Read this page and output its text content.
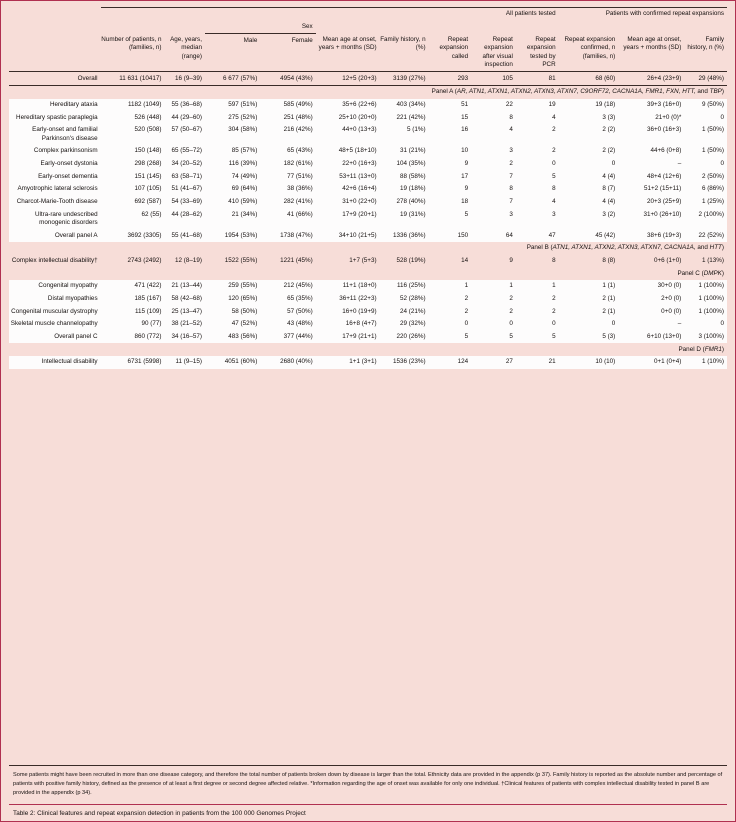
	All patients tested									Patients with confirmed repeat expansions		
			Sex									
	Number of patients, n (families, n)	Age, years, median (range)	Male	Female	Mean age at onset, years + months (SD)	Family history, n (%)	Repeat expansion called	Repeat expansion after visual inspection	Repeat expansion tested by PCR	Repeat expansion confirmed, n (families, n)	Mean age at onset, years + months (SD)	Family history, n (%)
Overall	11 631 (10417)	16 (9–39)	6 677 (57%)	4954 (43%)	12+5 (20+3)	3139 (27%)	293	105	81	68 (60)	26+4 (23+9)	29 (48%)
Panel A (AR, ATN1, ATXN1, ATXN2, ATXN3, ATXN7, C9ORF72, CACNA1A, FMR1, FXN, HTT, and TBP)												
Hereditary ataxia	1182 (1049)	55 (36–68)	597 (51%)	585 (49%)	35+6 (22+6)	403 (34%)	51	22	19	19 (18)	39+3 (16+0)	9 (50%)
Hereditary spastic paraplegia	526 (448)	44 (29–60)	275 (52%)	251 (48%)	25+10 (20+0)	221 (42%)	15	8	4	3 (3)	21+0 (0)*	0
Early-onset and familial Parkinson's disease	520 (508)	57 (50–67)	304 (58%)	216 (42%)	44+0 (13+3)	5 (1%)	16	4	2	2 (2)	36+0 (16+3)	1 (50%)
Complex parkinsonism	150 (148)	65 (55–72)	85 (57%)	65 (43%)	48+5 (18+10)	31 (21%)	10	3	2	2 (2)	44+6 (0+8)	1 (50%)
Early-onset dystonia	298 (268)	34 (20–52)	116 (39%)	182 (61%)	22+0 (16+3)	104 (35%)	9	2	0	0	–	0
Early-onset dementia	151 (145)	63 (58–71)	74 (49%)	77 (51%)	53+11 (13+0)	88 (58%)	17	7	5	4 (4)	48+4 (12+6)	2 (50%)
Amyotrophic lateral sclerosis	107 (105)	51 (41–67)	69 (64%)	38 (36%)	42+6 (16+4)	19 (18%)	9	8	8	8 (7)	51+2 (15+11)	6 (86%)
Charcot-Marie-Tooth disease	692 (587)	54 (33–69)	410 (59%)	282 (41%)	31+0 (22+0)	278 (40%)	18	7	4	4 (4)	20+3 (25+9)	1 (25%)
Ultra-rare undescribed monogenic disorders	62 (55)	44 (28–62)	21 (34%)	41 (66%)	17+9 (20+1)	19 (31%)	5	3	3	3 (2)	31+0 (26+10)	2 (100%)
Overall panel A	3692 (3305)	55 (41–68)	1954 (53%)	1738 (47%)	34+10 (21+5)	1336 (36%)	150	64	47	45 (42)	38+6 (19+3)	22 (52%)
Panel B (ATN1, ATXN1, ATXN2, ATXN3, ATXN7, CACNA1A, and HTT)												
Complex intellectual disability†	2743 (2492)	12 (8–19)	1522 (55%)	1221 (45%)	1+7 (5+3)	528 (19%)	14	9	8	8 (8)	0+6 (1+0)	1 (13%)
Panel C (DMPK)												
Congenital myopathy	471 (422)	21 (13–44)	259 (55%)	212 (45%)	11+1 (18+0)	116 (25%)	1	1	1	1 (1)	30+0 (0)	1 (100%)
Distal myopathies	185 (167)	58 (42–68)	120 (65%)	65 (35%)	36+11 (22+3)	52 (28%)	2	2	2	2 (1)	2+0 (0)	1 (100%)
Congenital muscular dystrophy	115 (109)	25 (13–47)	58 (50%)	57 (50%)	16+0 (19+9)	24 (21%)	2	2	2	2 (1)	0+0 (0)	1 (100%)
Skeletal muscle channelopathy	90 (77)	38 (21–52)	47 (52%)	43 (48%)	16+8 (4+7)	29 (32%)	0	0	0	0	–	0
Overall panel C	860 (772)	34 (16–57)	483 (56%)	377 (44%)	17+9 (21+1)	220 (26%)	5	5	5	5 (3)	6+10 (13+0)	3 (100%)
Panel D (FMR1)												
Intellectual disability	6731 (5998)	11 (9–15)	4051 (60%)	2680 (40%)	1+1 (3+1)	1536 (23%)	124	27	21	10 (10)	0+1 (0+4)	1 (10%)
Some patients might have been recruited in more than one disease category, and therefore the total number of patients broken down by disease is larger than the total. Ethnicity data are provided in the appendix (p 37). Family history is reported as the absolute number and percentage of patients with positive family history, defined as the presence of at least a first degree or second degree affected relative. *Information regarding the age of onset was available for only one individual. †Clinical features of patients with complex intellectual disability tested in panel B are provided in the appendix (p 34).
Table 2: Clinical features and repeat expansion detection in patients from the 100 000 Genomes Project
